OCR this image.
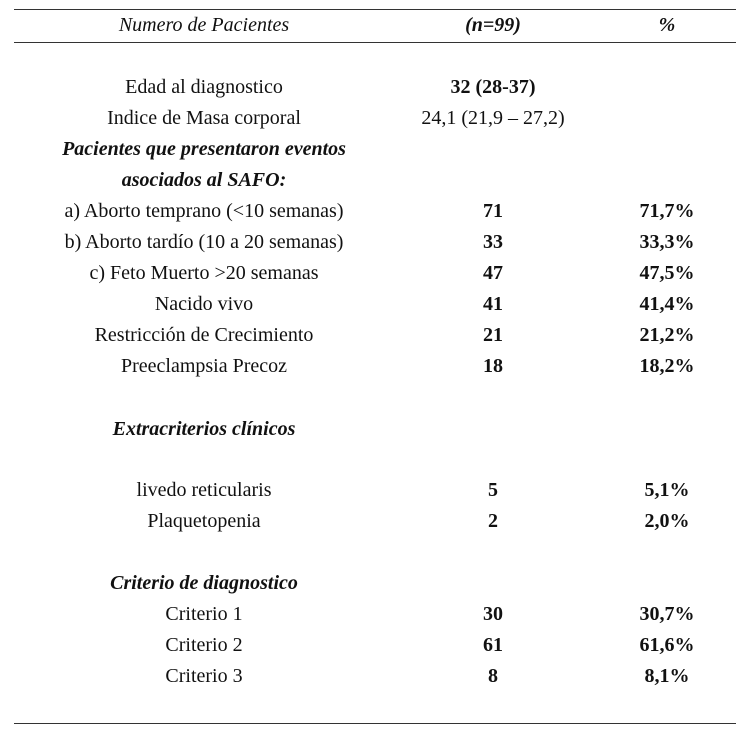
Numero de Pacientes	(n=99)	%
Edad al diagnostico	32 (28-37)
Indice de Masa corporal	24,1 (21,9 – 27,2)
Pacientes que presentaron eventos
asociados al SAFO:
a) Aborto temprano (<10 semanas)	71	71,7%
b) Aborto tardío (10 a 20 semanas)	33	33,3%
c) Feto Muerto >20 semanas	47	47,5%
Nacido vivo	41	41,4%
Restricción de Crecimiento	21	21,2%
Preeclampsia Precoz	18	18,2%
Extracriterios clínicos
livedo reticularis	5	5,1%
Plaquetopenia	2	2,0%
Criterio de diagnostico
Criterio 1	30	30,7%
Criterio 2	61	61,6%
Criterio 3	8	8,1%
